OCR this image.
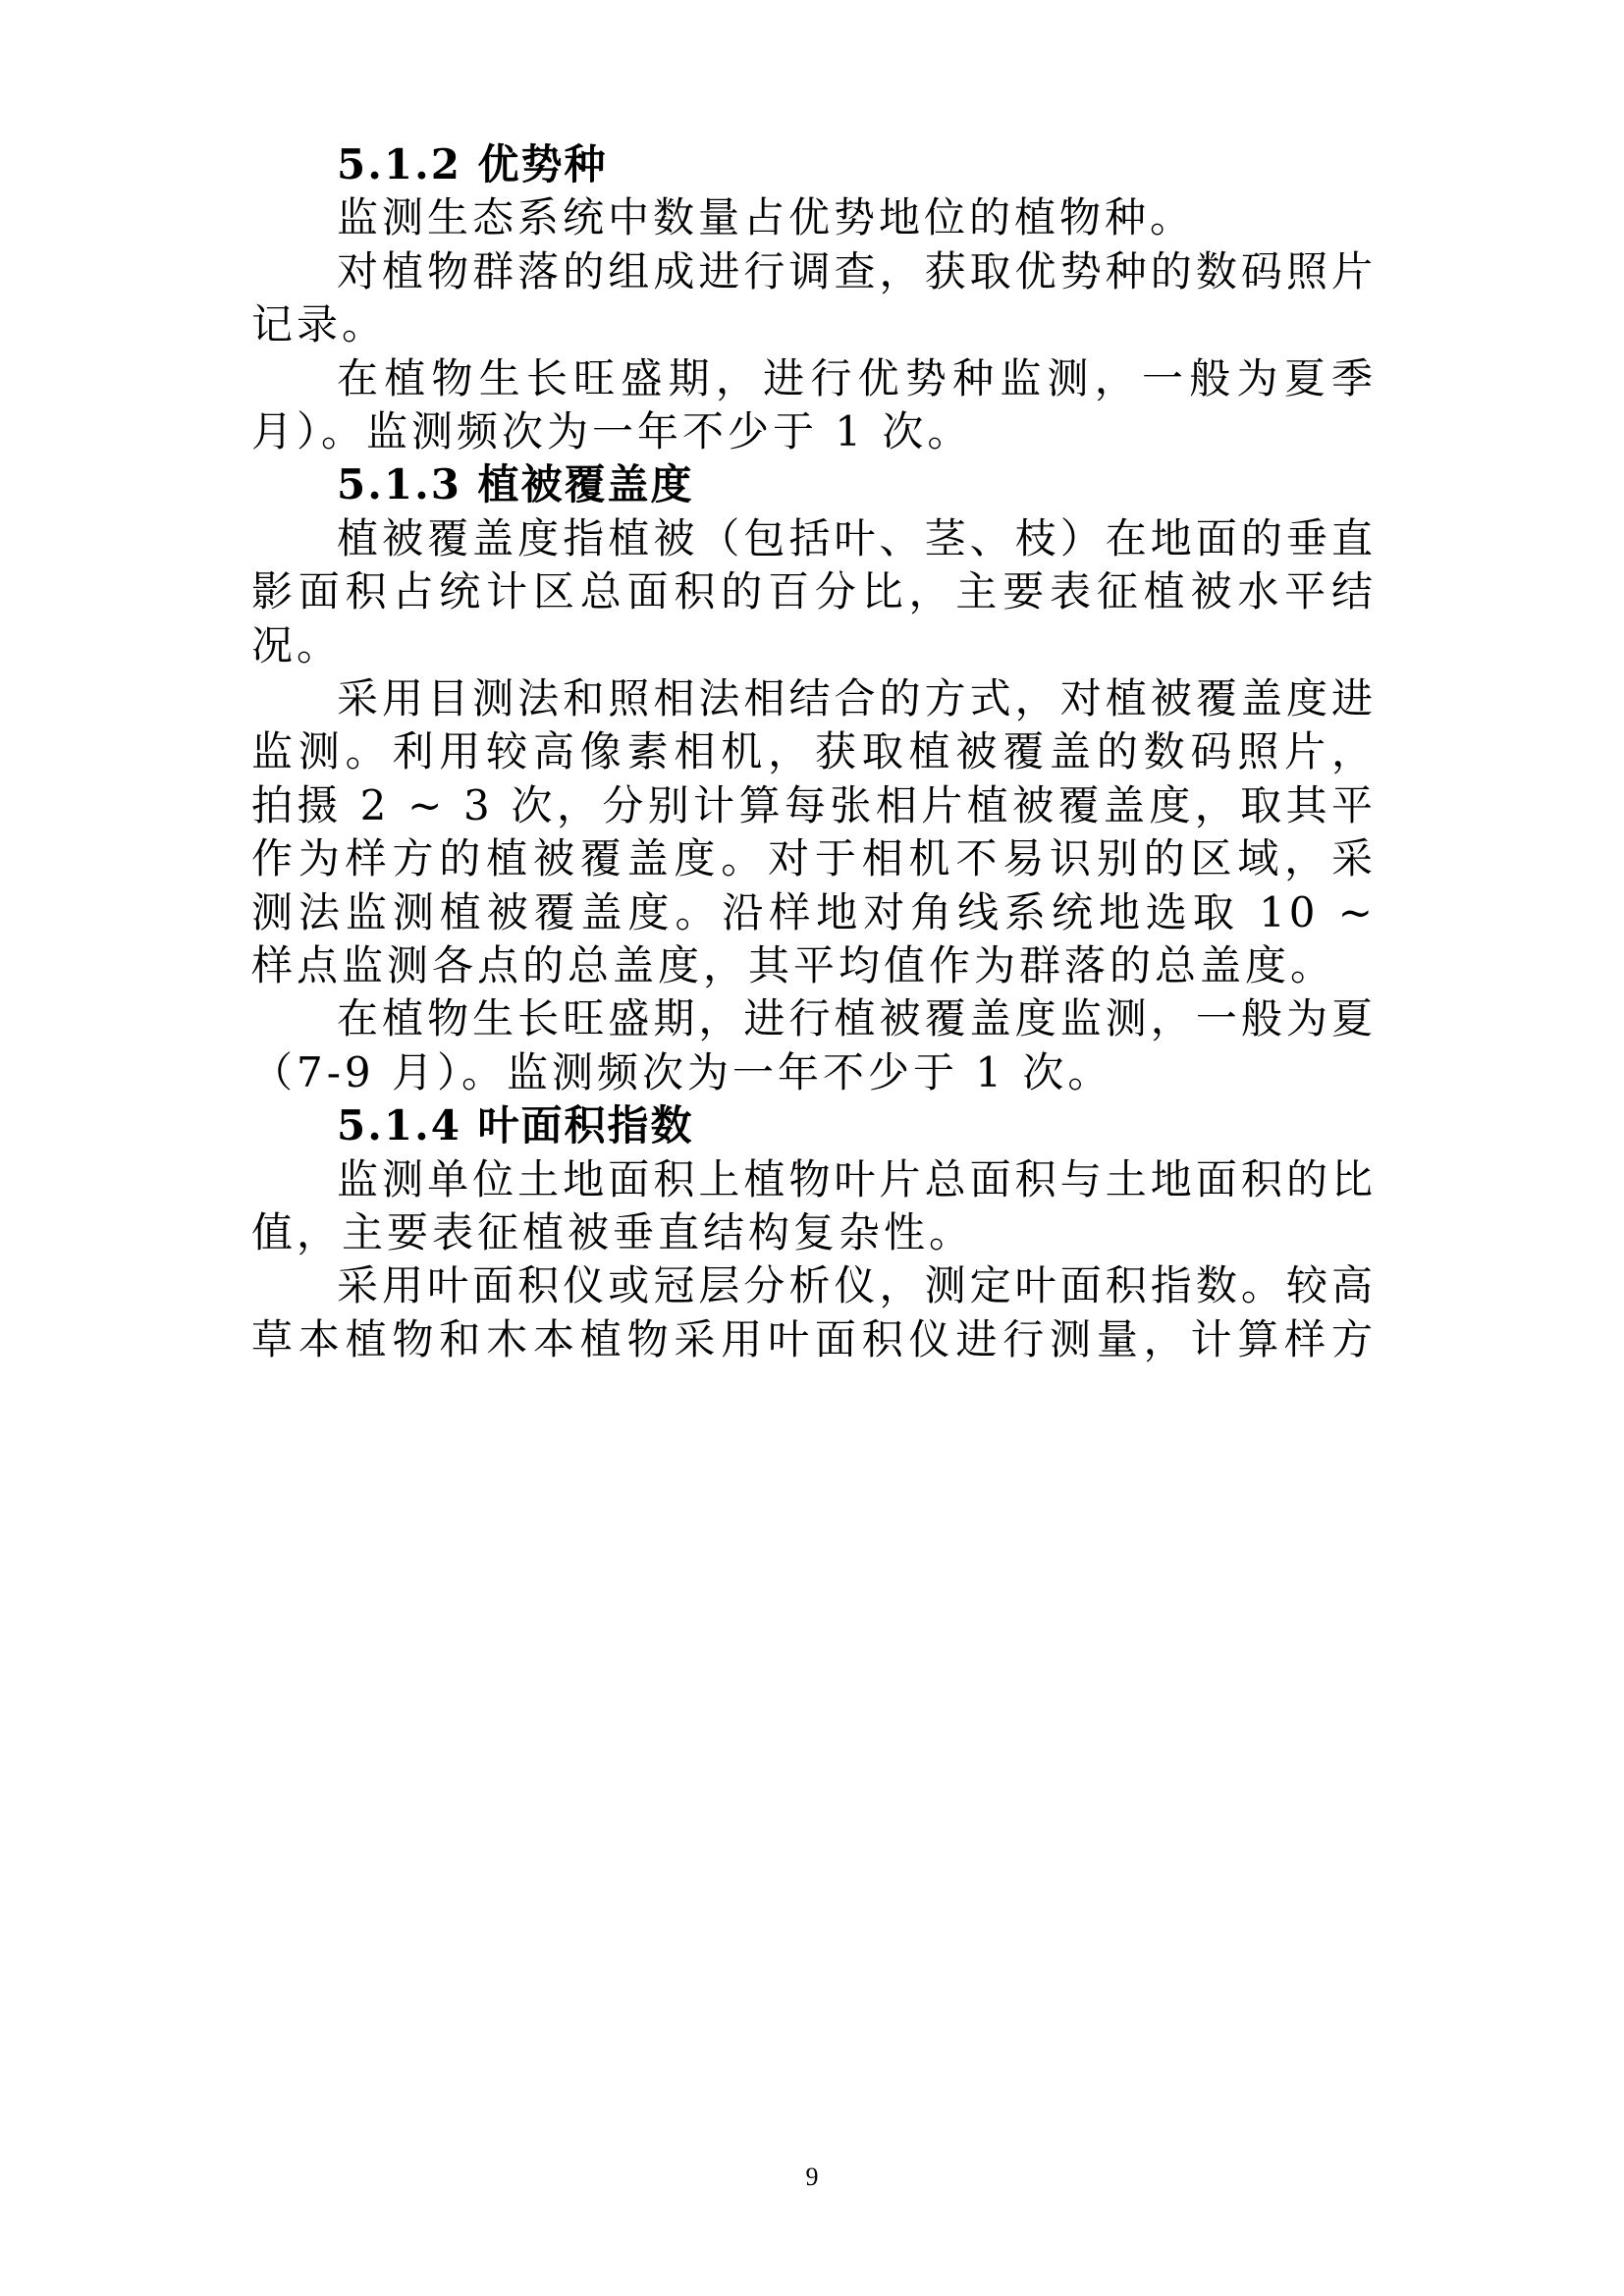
5.1.2 优势种
监测生态系统中数量占优势地位的植物种。
对植物群落的组成进行调查，获取优势种的数码照片
记录。
在植物生长旺盛期，进行优势种监测，一般为夏季
月）。监测频次为一年不少于 1 次。
5.1.3 植被覆盖度
植被覆盖度指植被（包括叶、茎、枝）在地面的垂直
影面积占统计区总面积的百分比，主要表征植被水平结
况。
采用目测法和照相法相结合的方式，对植被覆盖度进
监测。利用较高像素相机，获取植被覆盖的数码照片，
拍摄 2 ~ 3 次，分别计算每张相片植被覆盖度，取其平
作为样方的植被覆盖度。对于相机不易识别的区域，采
测法监测植被覆盖度。沿样地对角线系统地选取 10 ~
样点监测各点的总盖度，其平均值作为群落的总盖度。
在植物生长旺盛期，进行植被覆盖度监测，一般为夏
（7-9 月）。监测频次为一年不少于 1 次。
5.1.4 叶面积指数
监测单位土地面积上植物叶片总面积与土地面积的比
值，主要表征植被垂直结构复杂性。
采用叶面积仪或冠层分析仪，测定叶面积指数。较高
草本植物和木本植物采用叶面积仪进行测量，计算样方
9
